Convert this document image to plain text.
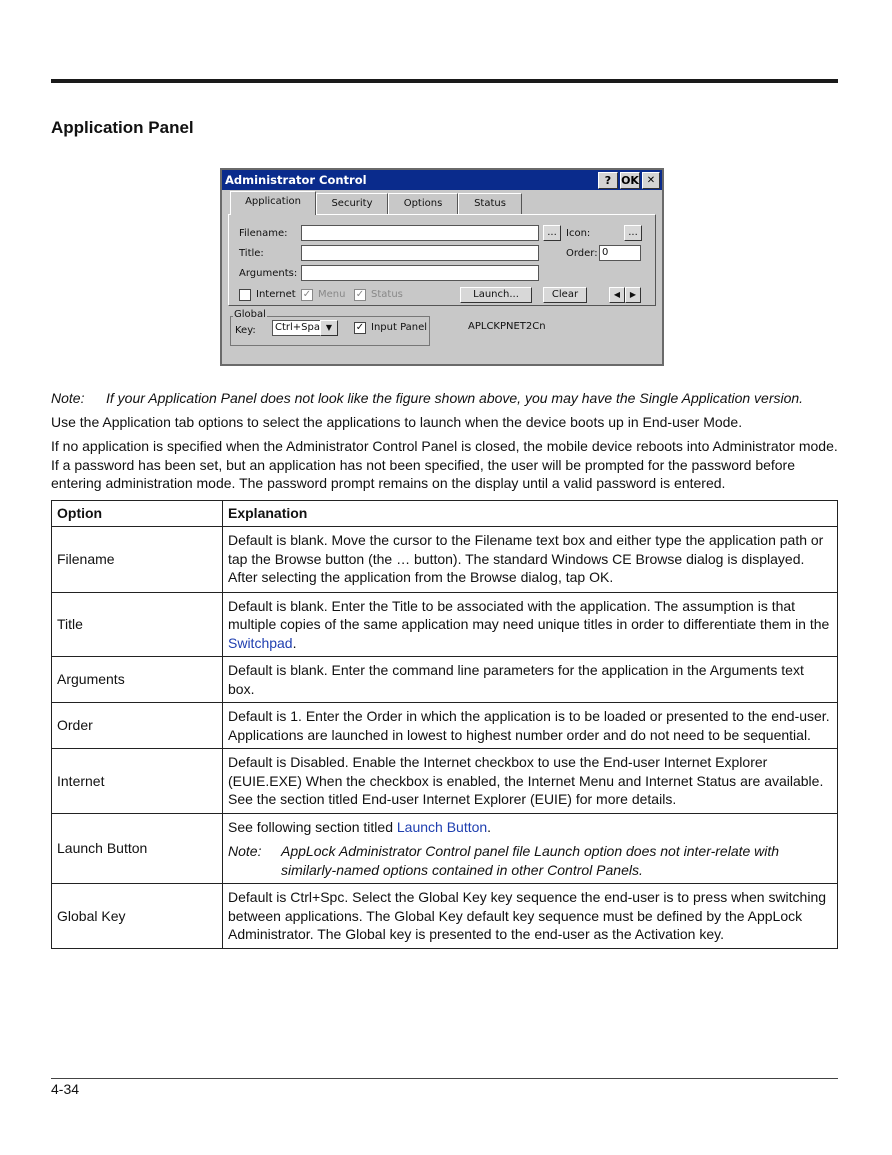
Application Panel
Administrator Control	? OK ✕
Application	Security	Options	Status
Filename:	... Icon:	...
Title:	Order: 0
Arguments:
Internet ✓ Menu ✓ Status	Launch...	Clear	◀	▶
Global
Key:	Ctrl+Spa ▼	✓ Input Panel	APLCKPNET2Cn
Note: If your Application Panel does not look like the figure shown above, you may have the Single Application version.

Use the Application tab options to select the applications to launch when the device boots up in End-user Mode.

If no application is specified when the Administrator Control Panel is closed, the mobile device reboots into Administrator mode. If a password has been set, but an application has not been specified, the user will be prompted for the password before entering administration mode. The password prompt remains on the display until a valid password is entered.

Option	Explanation
Filename	Default is blank. Move the cursor to the Filename text box and either type the application path or tap the Browse button (the … button). The standard Windows CE Browse dialog is displayed. After selecting the application from the Browse dialog, tap OK.
Title	Default is blank. Enter the Title to be associated with the application. The assumption is that multiple copies of the same application may need unique titles in order to differentiate them in the Switchpad.
Arguments	Default is blank. Enter the command line parameters for the application in the Arguments text box.
Order	Default is 1. Enter the Order in which the application is to be loaded or presented to the end-user. Applications are launched in lowest to highest number order and do not need to be sequential.
Internet	Default is Disabled. Enable the Internet checkbox to use the End-user Internet Explorer (EUIE.EXE) When the checkbox is enabled, the Internet Menu and Internet Status are available. See the section titled End-user Internet Explorer (EUIE) for more details.
Launch Button	See following section titled Launch Button.
Note: AppLock Administrator Control panel file Launch option does not inter-relate with similarly-named options contained in other Control Panels.

Global Key	Default is Ctrl+Spc. Select the Global Key key sequence the end-user is to press when switching between applications. The Global Key default key sequence must be defined by the AppLock Administrator. The Global key is presented to the end-user as the Activation key.
4-34
